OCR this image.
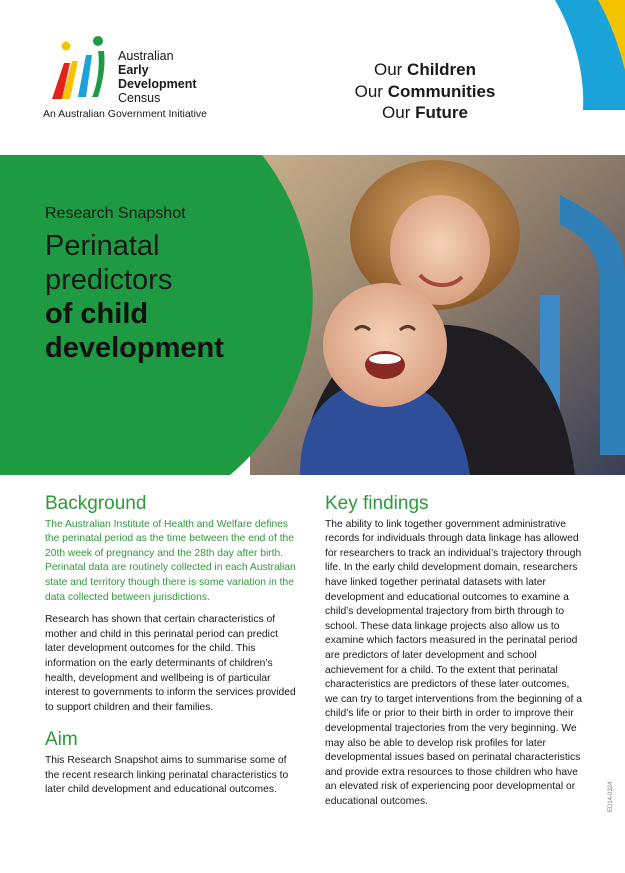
Australian
Early
Development
Census
An Australian Government Initiative
Our Children
Our Communities
Our Future
Research Snapshot
Perinatal
predictors
of child
development
Background

The Australian Institute of Health and Welfare defines the perinatal period as the time between the end of the 20th week of pregnancy and the 28th day after birth. Perinatal data are routinely collected in each Australian state and territory though there is some variation in the data collected between jurisdictions.

Research has shown that certain characteristics of mother and child in this perinatal period can predict later development outcomes for the child. This information on the early determinants of children’s health, development and wellbeing is of particular interest to governments to inform the services provided to support children and their families.

Aim

This Research Snapshot aims to summarise some of the recent research linking perinatal characteristics to later child development and educational outcomes.

Key findings

The ability to link together government administrative records for individuals through data linkage has allowed for researchers to track an individual’s trajectory through life. In the early child development domain, researchers have linked together perinatal datasets with later development and educational outcomes to examine a child’s developmental trajectory from birth through to school. These data linkage projects also allow us to examine which factors measured in the perinatal period are predictors of later development and school achievement for a child. To the extent that perinatal characteristics are predictors of these later outcomes, we can try to target interventions from the beginning of a child’s life or prior to their birth in order to improve their developmental trajectories from the very beginning. We may also be able to develop risk profiles for later developmental issues based on perinatal characteristics and provide extra resources to those children who have an elevated risk of experiencing poor developmental or educational outcomes.	ED14-0324
